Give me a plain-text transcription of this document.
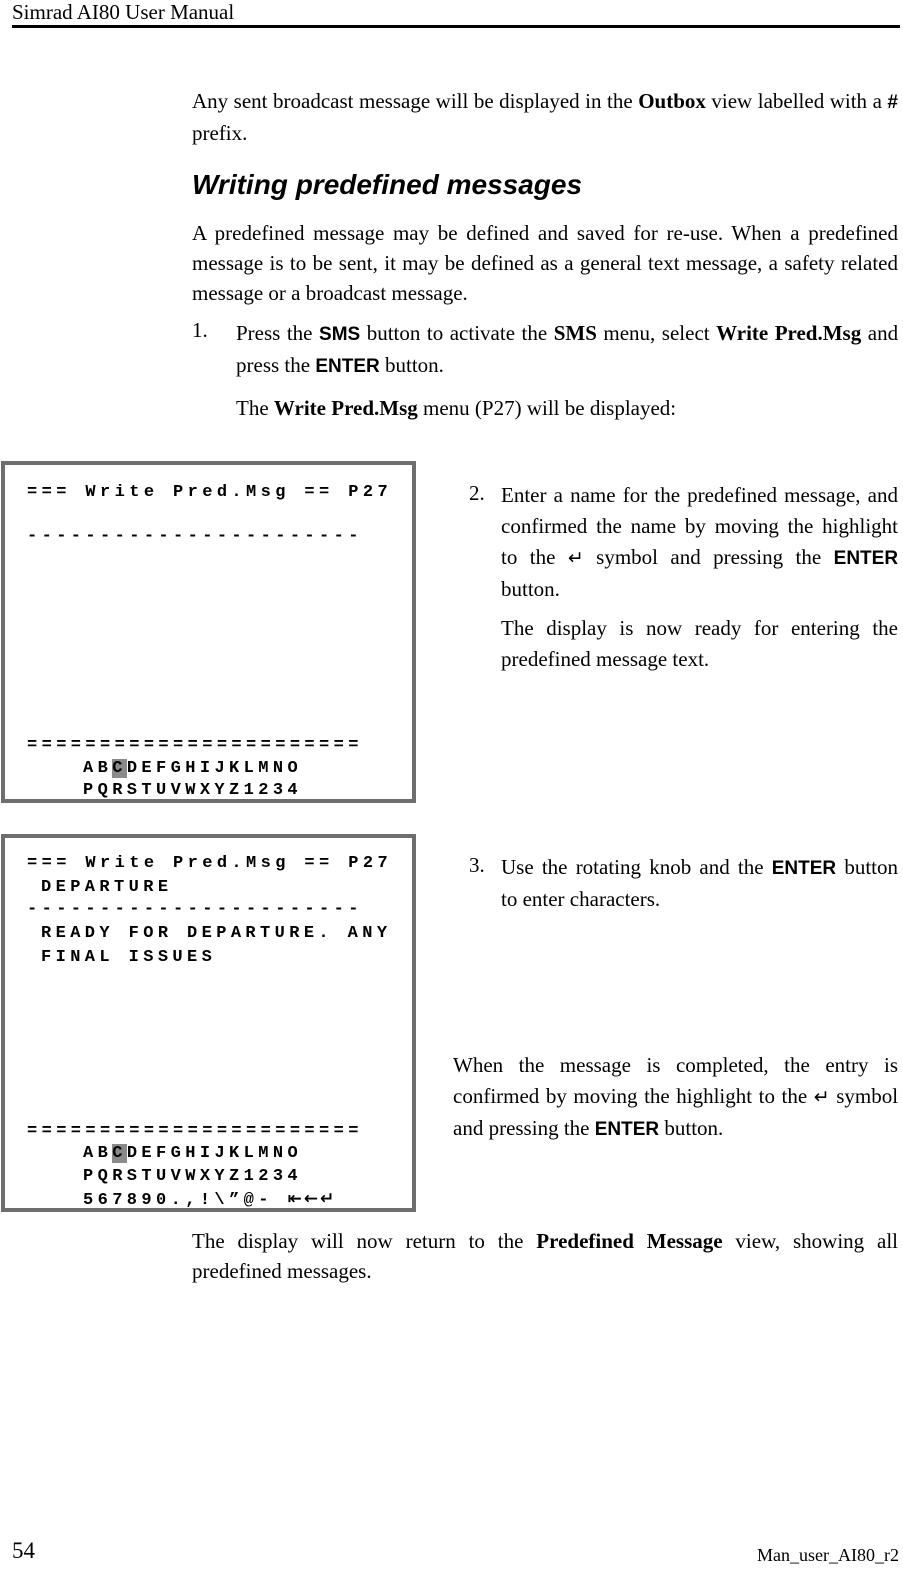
Simrad AI80 User Manual
Any sent broadcast message will be displayed in the Outbox view labelled with a # prefix.
Writing predefined messages
A predefined message may be defined and saved for re-use. When a predefined message is to be sent, it may be defined as a general text message, a safety related message or a broadcast message.
1. Press the SMS button to activate the SMS menu, select Write Pred.Msg and press the ENTER button.
The Write Pred.Msg menu (P27) will be displayed:
=== Write Pred.Msg == P27
-----------------------
=======================
ABCDEFGHIJKLMNO
PQRSTUVWXYZ1234
2. Enter a name for the predefined message, and confirmed the name by moving the highlight to the ↵ symbol and pressing the ENTER button.
The display is now ready for entering the predefined message text.
=== Write Pred.Msg == P27
DEPARTURE
-----------------------
READY FOR DEPARTURE. ANY
FINAL ISSUES
=======================
ABCDEFGHIJKLMNO
PQRSTUVWXYZ1234
567890.,!\”@- ⇤←↵
3. Use the rotating knob and the ENTER button to enter characters.
When the message is completed, the entry is confirmed by moving the highlight to the ↵ symbol and pressing the ENTER button.
The display will now return to the Predefined Message view, showing all predefined messages.
54	Man_user_AI80_r2
